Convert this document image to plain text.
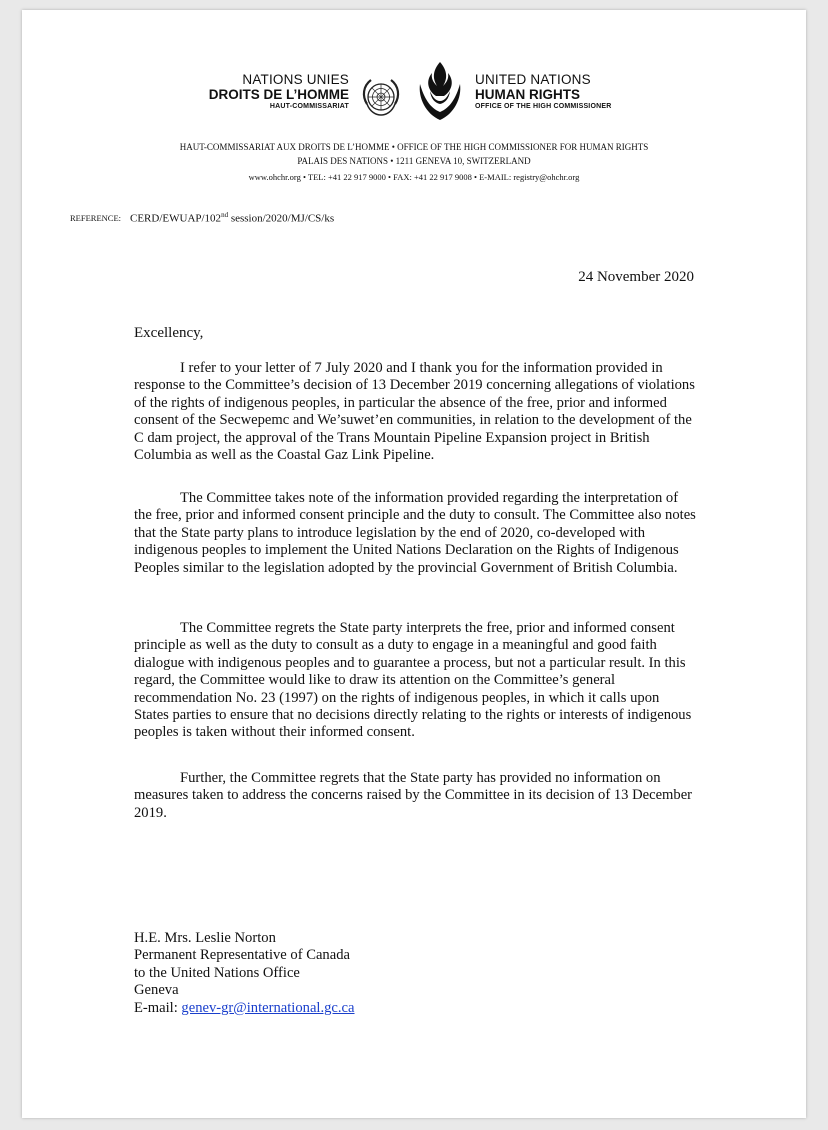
NATIONS UNIES
DROITS DE L’HOMME
HAUT-COMMISSARIAT
UNITED NATIONS
HUMAN RIGHTS
OFFICE OF THE HIGH COMMISSIONER
HAUT-COMMISSARIAT AUX DROITS DE L’HOMME • OFFICE OF THE HIGH COMMISSIONER FOR HUMAN RIGHTS
PALAIS DES NATIONS • 1211 GENEVA 10, SWITZERLAND
www.ohchr.org • TEL: +41 22 917 9000 • FAX: +41 22 917 9008 • E-MAIL: registry@ohchr.org
REFERENCE: CERD/EWUAP/102nd session/2020/MJ/CS/ks
24 November 2020
Excellency,
I refer to your letter of 7 July 2020 and I thank you for the information provided in response to the Committee’s decision of 13 December 2019 concerning allegations of violations of the rights of indigenous peoples, in particular the absence of the free, prior and informed consent of the Secwepemc and We’suwet’en communities, in relation to the development of the C dam project, the approval of the Trans Mountain Pipeline Expansion project in British Columbia as well as the Coastal Gaz Link Pipeline.
The Committee takes note of the information provided regarding the interpretation of the free, prior and informed consent principle and the duty to consult. The Committee also notes that the State party plans to introduce legislation by the end of 2020, co-developed with indigenous peoples to implement the United Nations Declaration on the Rights of Indigenous Peoples similar to the legislation adopted by the provincial Government of British Columbia.
The Committee regrets the State party interprets the free, prior and informed consent principle as well as the duty to consult as a duty to engage in a meaningful and good faith dialogue with indigenous peoples and to guarantee a process, but not a particular result. In this regard, the Committee would like to draw its attention on the Committee’s general recommendation No. 23 (1997) on the rights of indigenous peoples, in which it calls upon States parties to ensure that no decisions directly relating to the rights or interests of indigenous peoples is taken without their informed consent.
Further, the Committee regrets that the State party has provided no information on measures taken to address the concerns raised by the Committee in its decision of 13 December 2019.
H.E. Mrs. Leslie Norton
Permanent Representative of Canada
to the United Nations Office
Geneva
E-mail: genev-gr@international.gc.ca
